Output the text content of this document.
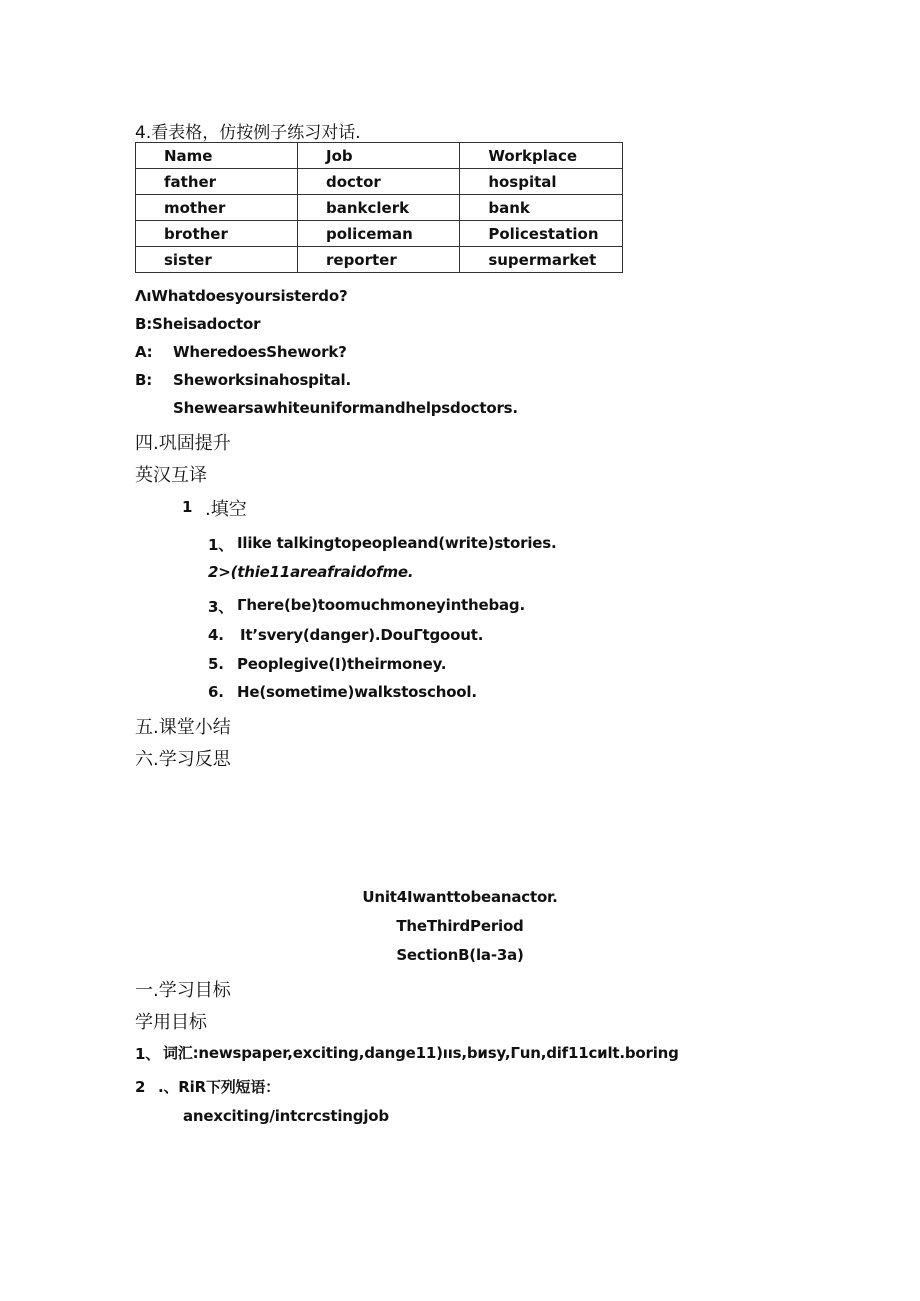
4.看表格，仿按例子练习对话.
Name	Job	Workplace
father	doctor	hospital
mother	bankclerk	bank
brother	policeman	Policestation
sister	reporter	supermarket
ΛıWhatdoesyoursisterdo?
B:Sheisadoctor
A: WheredoesShework?
B: Sheworksinahospital.
Shewearsawhiteuniformandhelpsdoctors.
四.巩固提升
英汉互译
1 .填空
1、 Ilike talkingtopeopleand(write)stories.
2>(thie11areafraidofme.
3、 Γhere(be)toomuchmoneyinthebag.
4. It’svery(danger).DouΓtgoout.
5. Peoplegive(I)theirmoney.
6. He(sometime)walkstoschool.
五.课堂小结
六.学习反思
Unit4Iwanttobeanactor.
TheThirdPeriod
SectionB(la-3a)
一.学习目标
学用目标
1、 词汇:newspaper,exciting,dange11)ııs,bиsy,Γun,dif11cиlt.boring
2 .、RiR下列短语：
anexciting/intcrcstingjob
